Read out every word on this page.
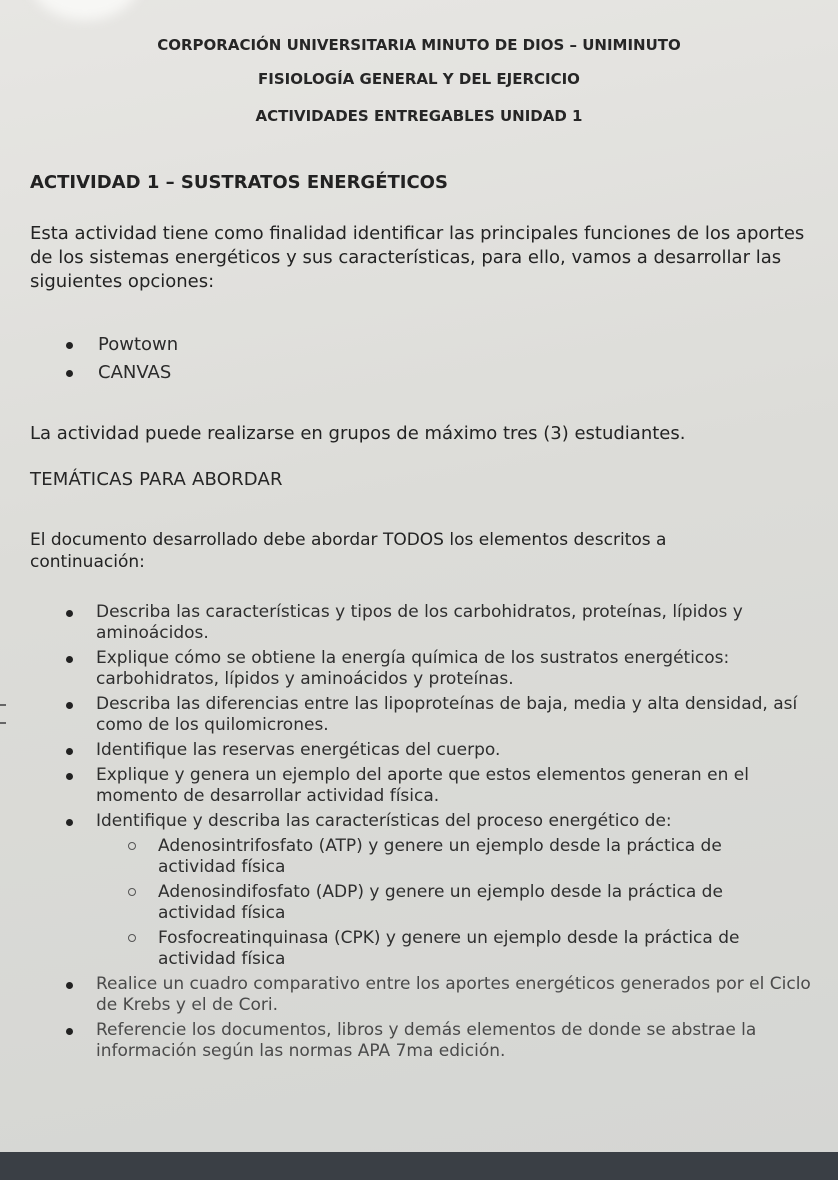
CORPORACIÓN UNIVERSITARIA MINUTO DE DIOS – UNIMINUTO
FISIOLOGÍA GENERAL Y DEL EJERCICIO
ACTIVIDADES ENTREGABLES UNIDAD 1
ACTIVIDAD 1 – SUSTRATOS ENERGÉTICOS
Esta actividad tiene como finalidad identificar las principales funciones de los aportes de los sistemas energéticos y sus características, para ello, vamos a desarrollar las siguientes opciones:
Powtown
CANVAS
La actividad puede realizarse en grupos de máximo tres (3) estudiantes.
TEMÁTICAS PARA ABORDAR
El documento desarrollado debe abordar TODOS los elementos descritos a continuación:
Describa las características y tipos de los carbohidratos, proteínas, lípidos y aminoácidos.
Explique cómo se obtiene la energía química de los sustratos energéticos: carbohidratos, lípidos y aminoácidos y proteínas.
Describa las diferencias entre las lipoproteínas de baja, media y alta densidad, así como de los quilomicrones.
Identifique las reservas energéticas del cuerpo.
Explique y genera un ejemplo del aporte que estos elementos generan en el momento de desarrollar actividad física.
Identifique y describa las características del proceso energético de:
Adenosintrifosfato (ATP) y genere un ejemplo desde la práctica de actividad física
Adenosindifosfato (ADP) y genere un ejemplo desde la práctica de actividad física
Fosfocreatinquinasa (CPK) y genere un ejemplo desde la práctica de actividad física
Realice un cuadro comparativo entre los aportes energéticos generados por el Ciclo de Krebs y el de Cori.
Referencie los documentos, libros y demás elementos de donde se abstrae la información según las normas APA 7ma edición.
